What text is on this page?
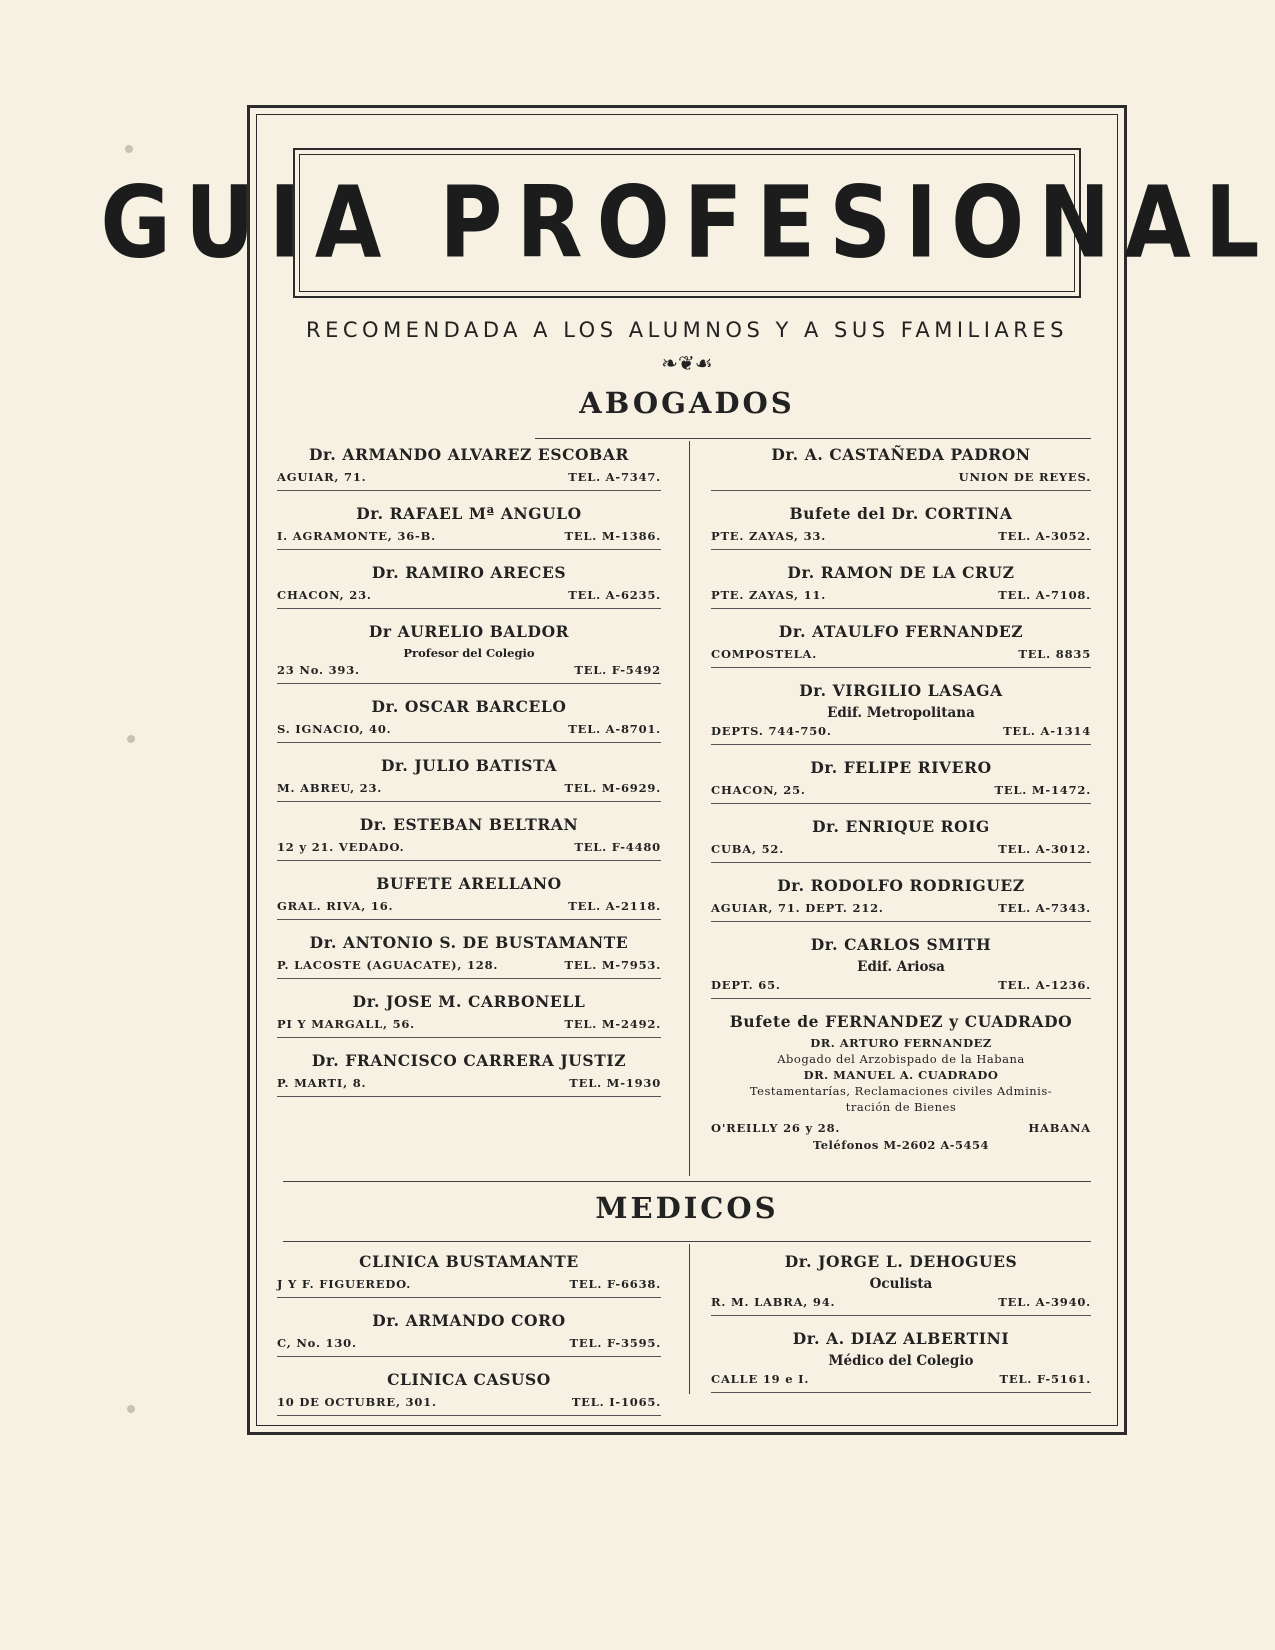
GUIA PROFESIONAL
RECOMENDADA A LOS ALUMNOS Y A SUS FAMILIARES
❧❦☙
ABOGADOS
Dr. ARMANDO ALVAREZ ESCOBAR
AGUIAR, 71.	TEL. A-7347.
Dr. RAFAEL Mª ANGULO
I. AGRAMONTE, 36-B.	TEL. M-1386.
Dr. RAMIRO ARECES
CHACON, 23.	TEL. A-6235.
Dr AURELIO BALDOR
Profesor del Colegio
23 No. 393.	TEL. F-5492
Dr. OSCAR BARCELO
S. IGNACIO, 40.	TEL. A-8701.
Dr. JULIO BATISTA
M. ABREU, 23.	TEL. M-6929.
Dr. ESTEBAN BELTRAN
12 y 21. VEDADO.	TEL. F-4480
BUFETE ARELLANO
GRAL. RIVA, 16.	TEL. A-2118.
Dr. ANTONIO S. DE BUSTAMANTE
P. LACOSTE (AGUACATE), 128.	TEL. M-7953.
Dr. JOSE M. CARBONELL
PI Y MARGALL, 56.	TEL. M-2492.
Dr. FRANCISCO CARRERA JUSTIZ
P. MARTI, 8.	TEL. M-1930
Dr. A. CASTAÑEDA PADRON
UNION DE REYES.
Bufete del Dr. CORTINA
PTE. ZAYAS, 33.	TEL. A-3052.
Dr. RAMON DE LA CRUZ
PTE. ZAYAS, 11.	TEL. A-7108.
Dr. ATAULFO FERNANDEZ
COMPOSTELA.	TEL. 8835
Dr. VIRGILIO LASAGA
Edif. Metropolitana
DEPTS. 744-750.	TEL. A-1314
Dr. FELIPE RIVERO
CHACON, 25.	TEL. M-1472.
Dr. ENRIQUE ROIG
CUBA, 52.	TEL. A-3012.
Dr. RODOLFO RODRIGUEZ
AGUIAR, 71. DEPT. 212.	TEL. A-7343.
Dr. CARLOS SMITH
Edif. Ariosa
DEPT. 65.	TEL. A-1236.
Bufete de FERNANDEZ y CUADRADO
DR. ARTURO FERNANDEZ
Abogado del Arzobispado de la Habana
DR. MANUEL A. CUADRADO
Testamentarías, Reclamaciones civiles Adminis-
tración de Bienes
O'REILLY 26 y 28.	HABANA
Teléfonos M-2602 A-5454
MEDICOS
CLINICA BUSTAMANTE
J Y F. FIGUEREDO.	TEL. F-6638.
Dr. ARMANDO CORO
C, No. 130.	TEL. F-3595.
CLINICA CASUSO
10 DE OCTUBRE, 301.	TEL. I-1065.
Dr. JORGE L. DEHOGUES
Oculista
R. M. LABRA, 94.	TEL. A-3940.
Dr. A. DIAZ ALBERTINI
Médico del Colegio
CALLE 19 e I.	TEL. F-5161.
